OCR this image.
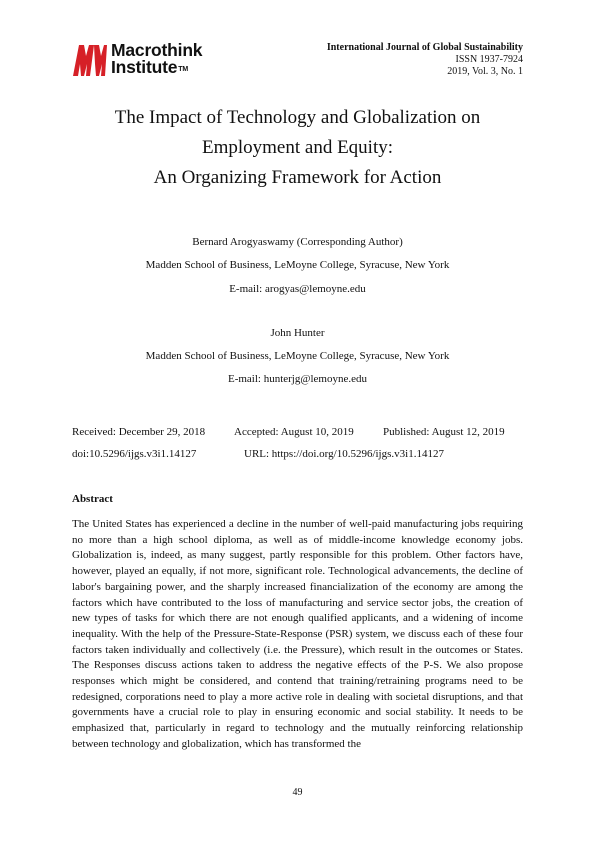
Macrothink
Institute™
International Journal of Global Sustainability
ISSN 1937-7924
2019, Vol. 3, No. 1
The Impact of Technology and Globalization on
Employment and Equity:
An Organizing Framework for Action
Bernard Arogyaswamy (Corresponding Author)
Madden School of Business, LeMoyne College, Syracuse, New York
E-mail: arogyas@lemoyne.edu
John Hunter
Madden School of Business, LeMoyne College, Syracuse, New York
E-mail: hunterjg@lemoyne.edu

Received: December 29, 2018

	Accepted: August 10, 2019

	Published: August 12, 2019

doi:10.5296/ijgs.v3i1.14127

	URL: https://doi.org/10.5296/ijgs.v3i1.14127

Abstract
The United States has experienced a decline in the number of well-paid manufacturing jobs requiring no more than a high school diploma, as well as of middle-income knowledge economy jobs. Globalization is, indeed, as many suggest, partly responsible for this problem. Other factors have, however, played an equally, if not more, significant role. Technological advancements, the decline of labor's bargaining power, and the sharply increased financialization of the economy are among the factors which have contributed to the loss of manufacturing and service sector jobs, the creation of new types of tasks for which there are not enough qualified applicants, and a widening of income inequality. With the help of the Pressure-State-Response (PSR) system, we discuss each of these four factors taken individually and collectively (i.e. the Pressure), which result in the outcomes or States. The Responses discuss actions taken to address the negative effects of the P-S. We also propose responses which might be considered, and contend that training/retraining programs need to be redesigned, corporations need to play a more active role in dealing with societal disruptions, and that governments have a crucial role to play in ensuring economic and social stability. It needs to be emphasized that, particularly in regard to technology and the mutually reinforcing relationship between technology and globalization, which has transformed the
49
